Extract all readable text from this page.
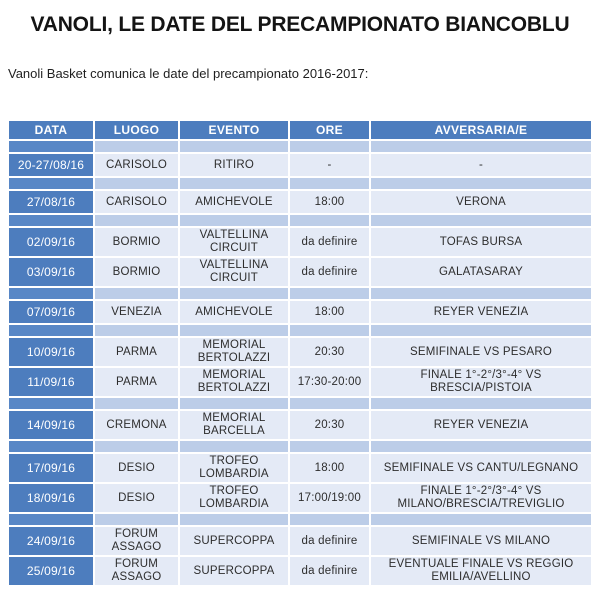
VANOLI, LE DATE DEL PRECAMPIONATO BIANCOBLU

Vanoli Basket comunica le date del precampionato 2016-2017:

DATA	LUOGO	EVENTO	ORE	AVVERSARIA/E

20-27/08/16	CARISOLO	RITIRO	-	-

27/08/16	CARISOLO	AMICHEVOLE	18:00	VERONA

02/09/16	BORMIO	VALTELLINA CIRCUIT	da definire	TOFAS BURSA
03/09/16	BORMIO	VALTELLINA CIRCUIT	da definire	GALATASARAY

07/09/16	VENEZIA	AMICHEVOLE	18:00	REYER VENEZIA

10/09/16	PARMA	MEMORIAL BERTOLAZZI	20:30	SEMIFINALE VS PESARO
11/09/16	PARMA	MEMORIAL BERTOLAZZI	17:30-20:00	FINALE 1°-2°/3°-4° VS BRESCIA/PISTOIA

14/09/16	CREMONA	MEMORIAL BARCELLA	20:30	REYER VENEZIA

17/09/16	DESIO	TROFEO LOMBARDIA	18:00	SEMIFINALE VS CANTU/LEGNANO
18/09/16	DESIO	TROFEO LOMBARDIA	17:00/19:00	FINALE 1°-2°/3°-4° VS MILANO/BRESCIA/TREVIGLIO

24/09/16	FORUM ASSAGO	SUPERCOPPA	da definire	SEMIFINALE VS MILANO
25/09/16	FORUM ASSAGO	SUPERCOPPA	da definire	EVENTUALE FINALE VS REGGIO EMILIA/AVELLINO
